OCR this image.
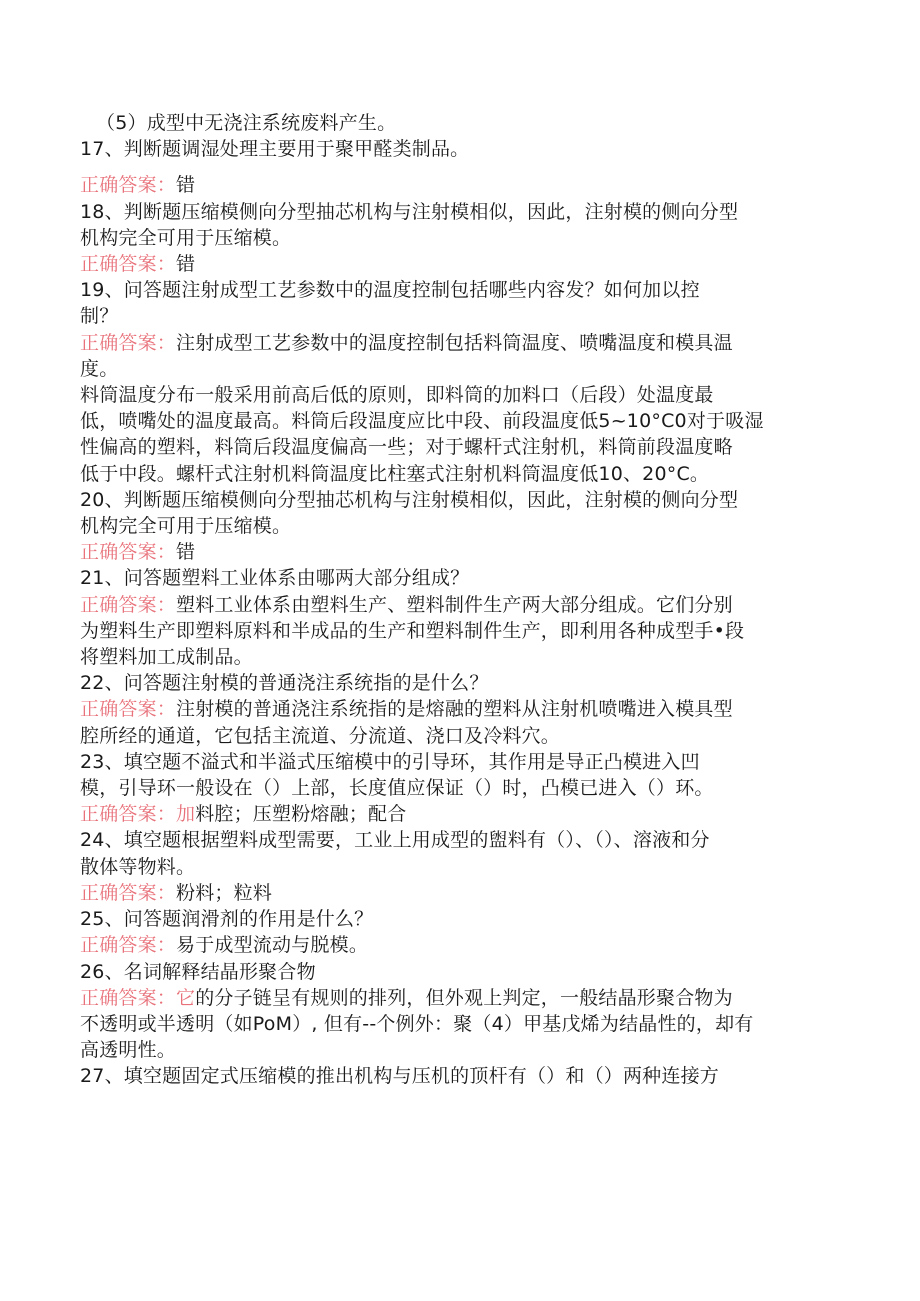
（5）成型中无浇注系统废料产生。
17、判断题调湿处理主要用于聚甲醛类制品。
正确答案：错
18、判断题压缩模侧向分型抽芯机构与注射模相似，因此，注射模的侧向分型
机构完全可用于压缩模。
正确答案：错
19、问答题注射成型工艺参数中的温度控制包括哪些内容发？如何加以控
制？
正确答案：注射成型工艺参数中的温度控制包括料筒温度、喷嘴温度和模具温
度。
料筒温度分布一般采用前高后低的原则，即料筒的加料口（后段）处温度最
低，喷嘴处的温度最高。料筒后段温度应比中段、前段温度低5~10°C0对于吸湿
性偏高的塑料，料筒后段温度偏高一些；对于螺杆式注射机，料筒前段温度略
低于中段。螺杆式注射机料筒温度比柱塞式注射机料筒温度低10、20°C。
20、判断题压缩模侧向分型抽芯机构与注射模相似，因此，注射模的侧向分型
机构完全可用于压缩模。
正确答案：错
21、问答题塑料工业体系由哪两大部分组成？
正确答案：塑料工业体系由塑料生产、塑料制件生产两大部分组成。它们分别
为塑料生产即塑料原料和半成品的生产和塑料制件生产，即利用各种成型手•段
将塑料加工成制品。
22、问答题注射模的普通浇注系统指的是什么？
正确答案：注射模的普通浇注系统指的是熔融的塑料从注射机喷嘴进入模具型
腔所经的通道，它包括主流道、分流道、浇口及冷料穴。
23、填空题不溢式和半溢式压缩模中的引导环，其作用是导正凸模进入凹
模，引导环一般设在（）上部，长度值应保证（）时，凸模已进入（）环。
正确答案：加料腔；压塑粉熔融；配合
24、填空题根据塑料成型需要，工业上用成型的盥料有（）、（）、溶液和分
散体等物料。
正确答案：粉料；粒料
25、问答题润滑剂的作用是什么？
正确答案：易于成型流动与脱模。
26、名词解释结晶形聚合物
正确答案：它的分子链呈有规则的排列，但外观上判定，一般结晶形聚合物为
不透明或半透明（如PoM）, 但有--个例外：聚（4）甲基戊烯为结晶性的，却有
高透明性。
27、填空题固定式压缩模的推出机构与压机的顶杆有（）和（）两种连接方
